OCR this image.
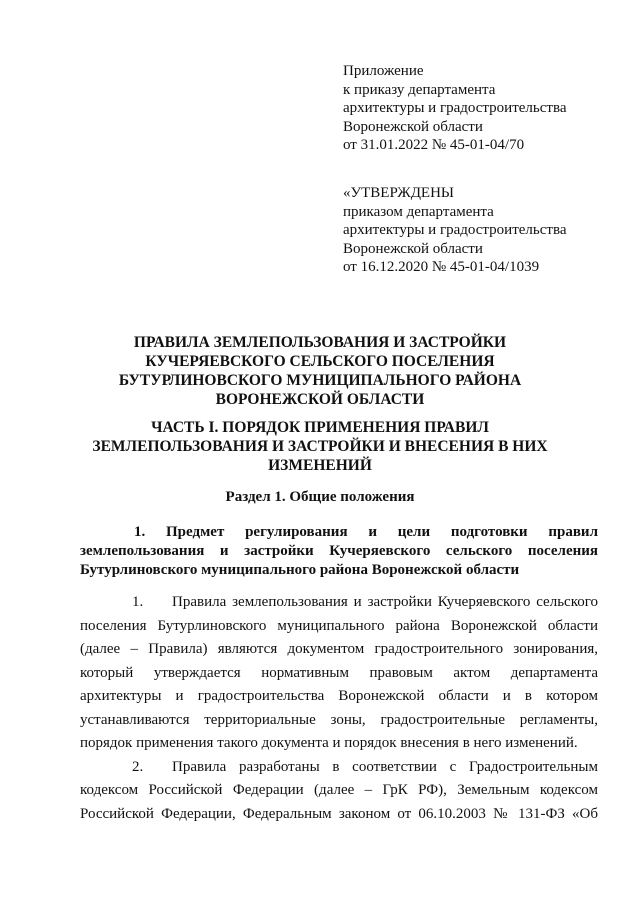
Приложение
к приказу департамента
архитектуры и градостроительства
Воронежской области
от 31.01.2022 № 45-01-04/70
«УТВЕРЖДЕНЫ
приказом департамента
архитектуры и градостроительства
Воронежской области
от 16.12.2020 № 45-01-04/1039
ПРАВИЛА ЗЕМЛЕПОЛЬЗОВАНИЯ И ЗАСТРОЙКИ
КУЧЕРЯЕВСКОГО СЕЛЬСКОГО ПОСЕЛЕНИЯ
БУТУРЛИНОВСКОГО МУНИЦИПАЛЬНОГО РАЙОНА
ВОРОНЕЖСКОЙ ОБЛАСТИ
ЧАСТЬ I. ПОРЯДОК ПРИМЕНЕНИЯ ПРАВИЛ
ЗЕМЛЕПОЛЬЗОВАНИЯ И ЗАСТРОЙКИ И ВНЕСЕНИЯ В НИХ
ИЗМЕНЕНИЙ
Раздел 1. Общие положения
1. Предмет регулирования и цели подготовки правил
землепользования и застройки Кучеряевского сельского поселения
Бутурлиновского муниципального района Воронежской области
1. Правила землепользования и застройки Кучеряевского сельского
поселения Бутурлиновского муниципального района Воронежской области
(далее – Правила) являются документом градостроительного зонирования,
который утверждается нормативным правовым актом департамента
архитектуры и градостроительства Воронежской области и в котором
устанавливаются территориальные зоны, градостроительные регламенты,
порядок применения такого документа и порядок внесения в него изменений.
2. Правила разработаны в соответствии с Градостроительным
кодексом Российской Федерации (далее – ГрК РФ), Земельным кодексом
Российской Федерации, Федеральным законом от 06.10.2003 № 131-ФЗ «Об
